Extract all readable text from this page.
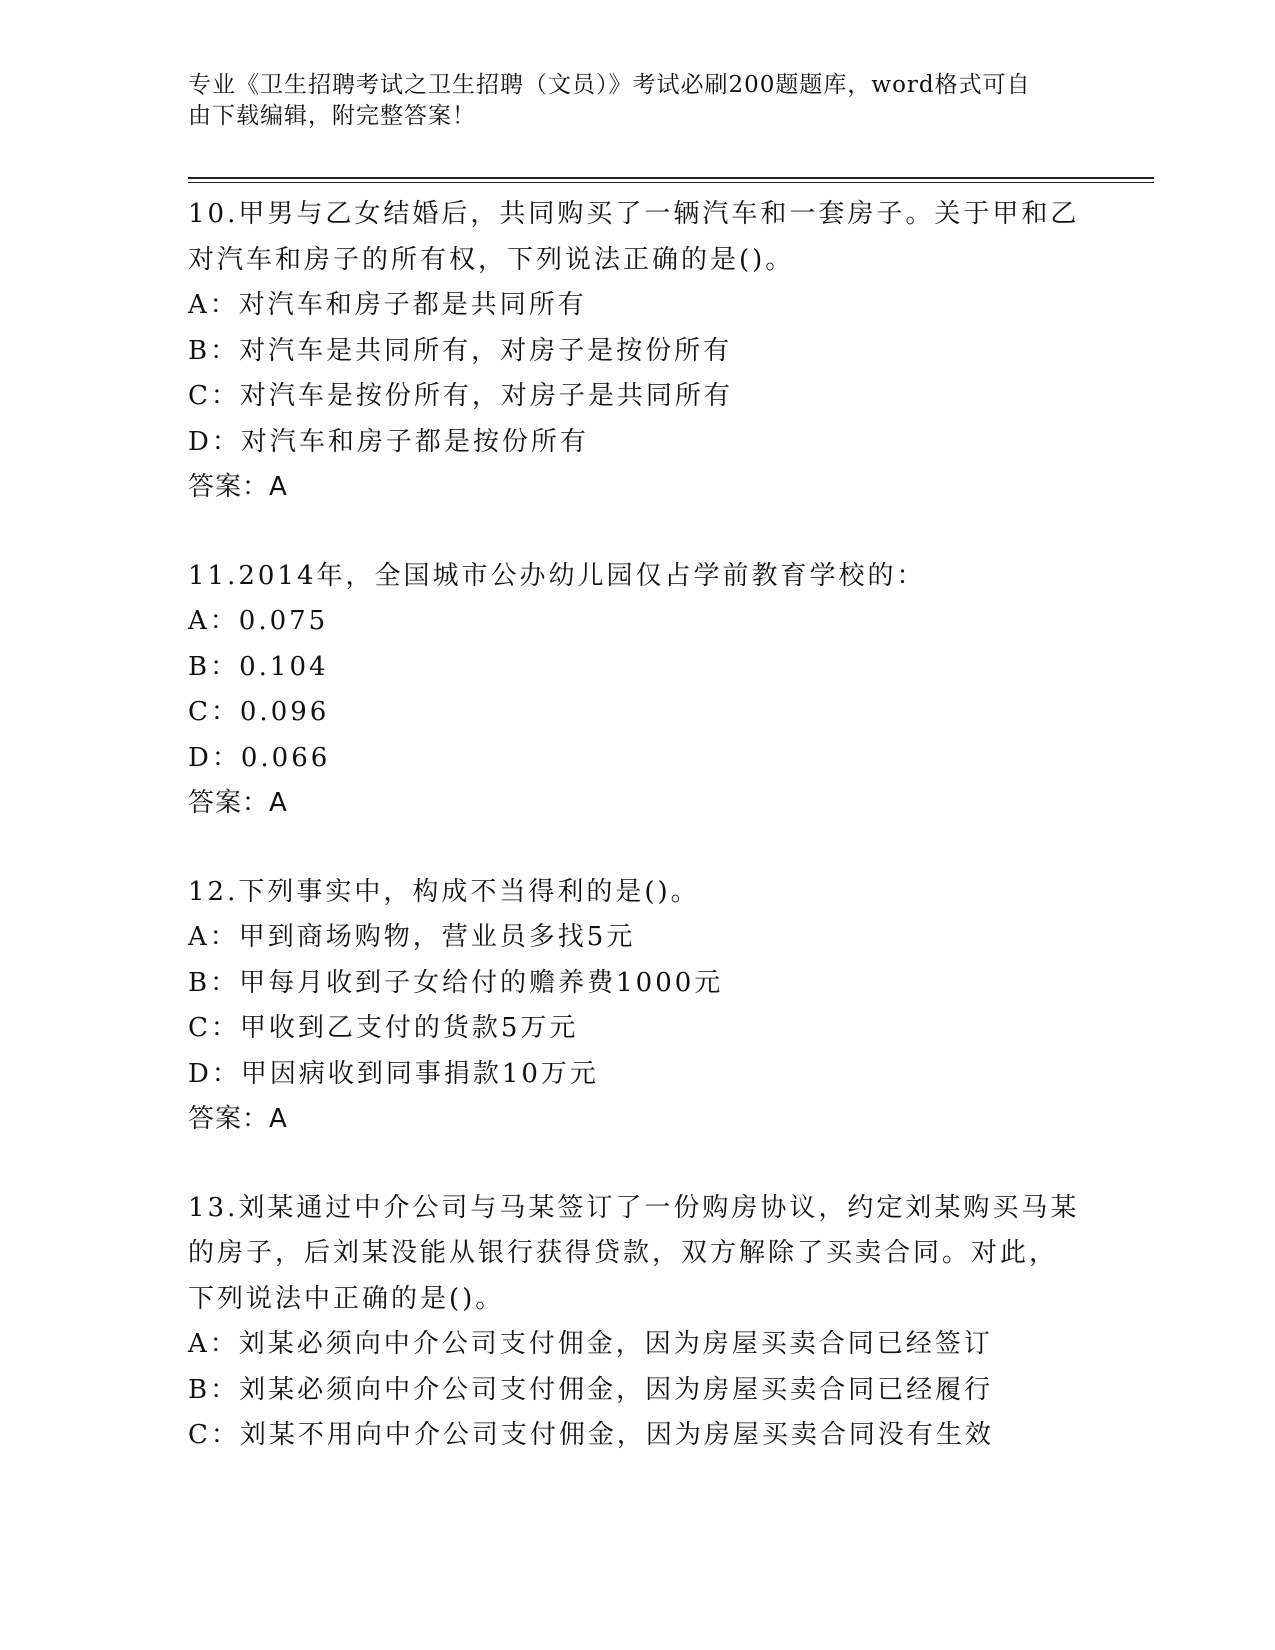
专业《卫生招聘考试之卫生招聘（文员）》考试必刷200题题库，word格式可自
由下载编辑，附完整答案！
10.甲男与乙女结婚后，共同购买了一辆汽车和一套房子。关于甲和乙
对汽车和房子的所有权，下列说法正确的是()。
A：对汽车和房子都是共同所有
B：对汽车是共同所有，对房子是按份所有
C：对汽车是按份所有，对房子是共同所有
D：对汽车和房子都是按份所有
答案：A
11.2014年，全国城市公办幼儿园仅占学前教育学校的：
A：0.075
B：0.104
C：0.096
D：0.066
答案：A
12.下列事实中，构成不当得利的是()。
A：甲到商场购物，营业员多找5元
B：甲每月收到子女给付的赡养费1000元
C：甲收到乙支付的货款5万元
D：甲因病收到同事捐款10万元
答案：A
13.刘某通过中介公司与马某签订了一份购房协议，约定刘某购买马某
的房子，后刘某没能从银行获得贷款，双方解除了买卖合同。对此，
下列说法中正确的是()。
A：刘某必须向中介公司支付佣金，因为房屋买卖合同已经签订
B：刘某必须向中介公司支付佣金，因为房屋买卖合同已经履行
C：刘某不用向中介公司支付佣金，因为房屋买卖合同没有生效
